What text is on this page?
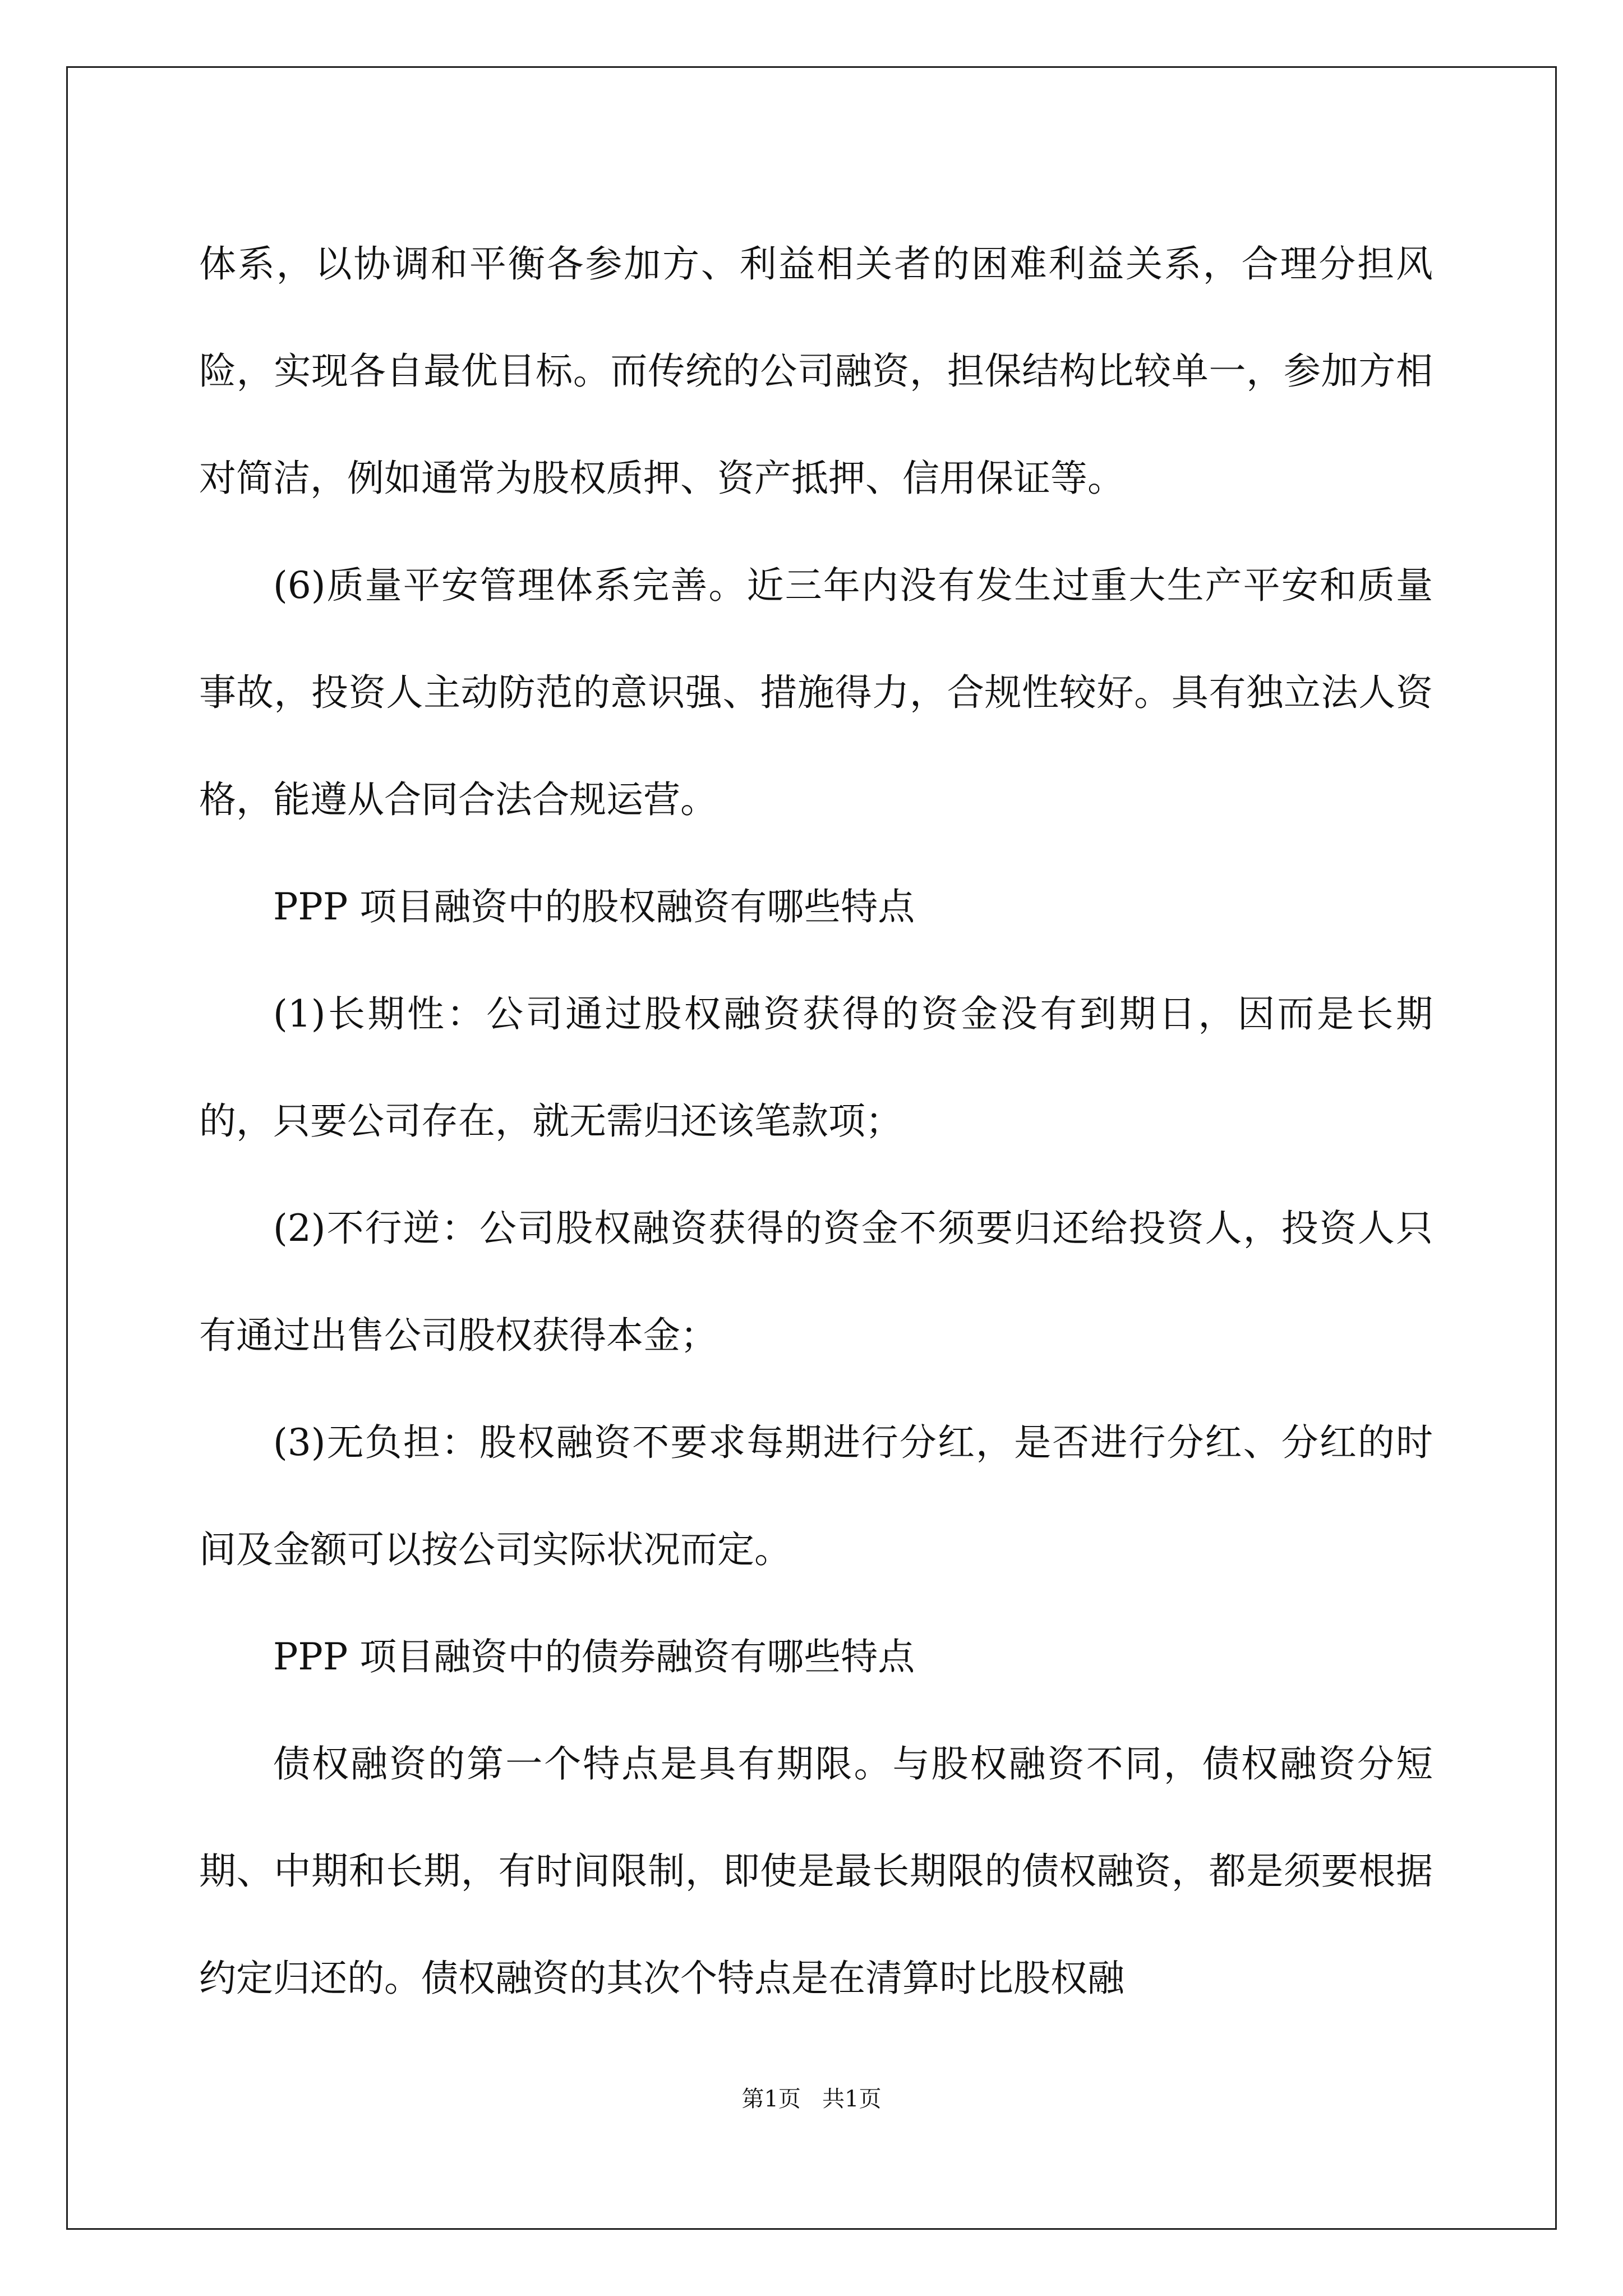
体系，以协调和平衡各参加方、利益相关者的困难利益关系，合理分担风险，实现各自最优目标。而传统的公司融资，担保结构比较单一，参加方相对简洁，例如通常为股权质押、资产抵押、信用保证等。

(6)质量平安管理体系完善。近三年内没有发生过重大生产平安和质量事故，投资人主动防范的意识强、措施得力，合规性较好。具有独立法人资格，能遵从合同合法合规运营。

PPP 项目融资中的股权融资有哪些特点

(1)长期性：公司通过股权融资获得的资金没有到期日，因而是长期的，只要公司存在，就无需归还该笔款项；

(2)不行逆：公司股权融资获得的资金不须要归还给投资人，投资人只有通过出售公司股权获得本金；

(3)无负担：股权融资不要求每期进行分红，是否进行分红、分红的时间及金额可以按公司实际状况而定。

PPP 项目融资中的债券融资有哪些特点

债权融资的第一个特点是具有期限。与股权融资不同，债权融资分短期、中期和长期，有时间限制，即使是最长期限的债权融资，都是须要根据约定归还的。债权融资的其次个特点是在清算时比股权融

第1页   共1页
